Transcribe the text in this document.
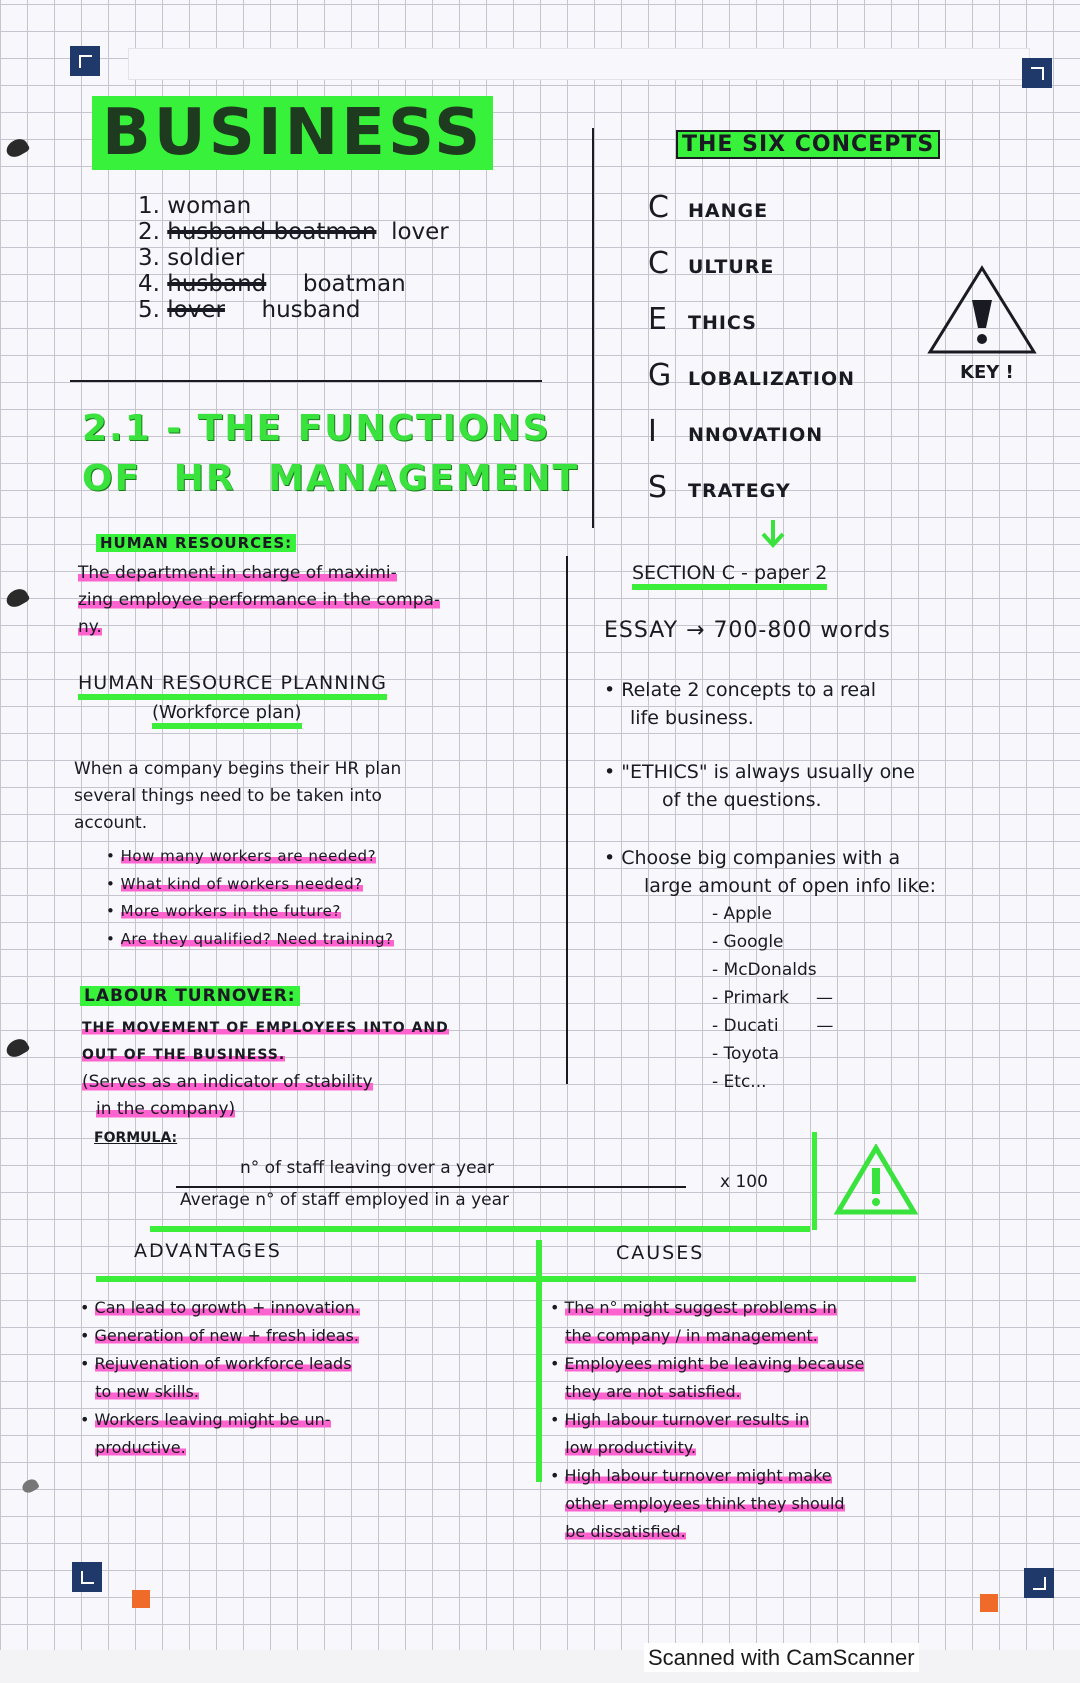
BUSINESS
1. woman
2. husband boatman lover
3. soldier
4. husband boatman
5. lover husband
2.1 - THE FUNCTIONS
OF HR MANAGEMENT
THE SIX CONCEPTS
C HANGE
C ULTURE
E THICS
GLOBALIZATION
I NNOVATION
S TRATEGY
KEY !
HUMAN RESOURCES:
The department in charge of maximi-
zing employee performance in the compa-
ny.
HUMAN RESOURCE PLANNING
(Workforce plan)
When a company begins their HR plan
several things need to be taken into
account.
• How many workers are needed?
• What kind of workers needed?
• More workers in the future?
• Are they qualified? Need training?
LABOUR TURNOVER:
THE MOVEMENT OF EMPLOYEES INTO AND
OUT OF THE BUSINESS.
(Serves as an indicator of stability
in the company)
FORMULA:
n° of staff leaving over a year
Average n° of staff employed in a year
x 100
SECTION C - paper 2
ESSAY → 700-800 words
• Relate 2 concepts to a real
life business.
• "ETHICS" is always usually one
of the questions.
• Choose big companies with a
large amount of open info like:
- Apple
- Google
- McDonalds
- Primark     —
- Ducati       —
- Toyota
- Etc...
ADVANTAGES	CAUSES
• Can lead to growth + innovation.
• Generation of new + fresh ideas.
• Rejuvenation of workforce leads
to new skills.
• Workers leaving might be un-
productive.
• The n° might suggest problems in
the company / in management.
• Employees might be leaving because
they are not satisfied.
• High labour turnover results in
low productivity.
• High labour turnover might make
other employees think they should
be dissatisfied.
Scanned with CamScanner
